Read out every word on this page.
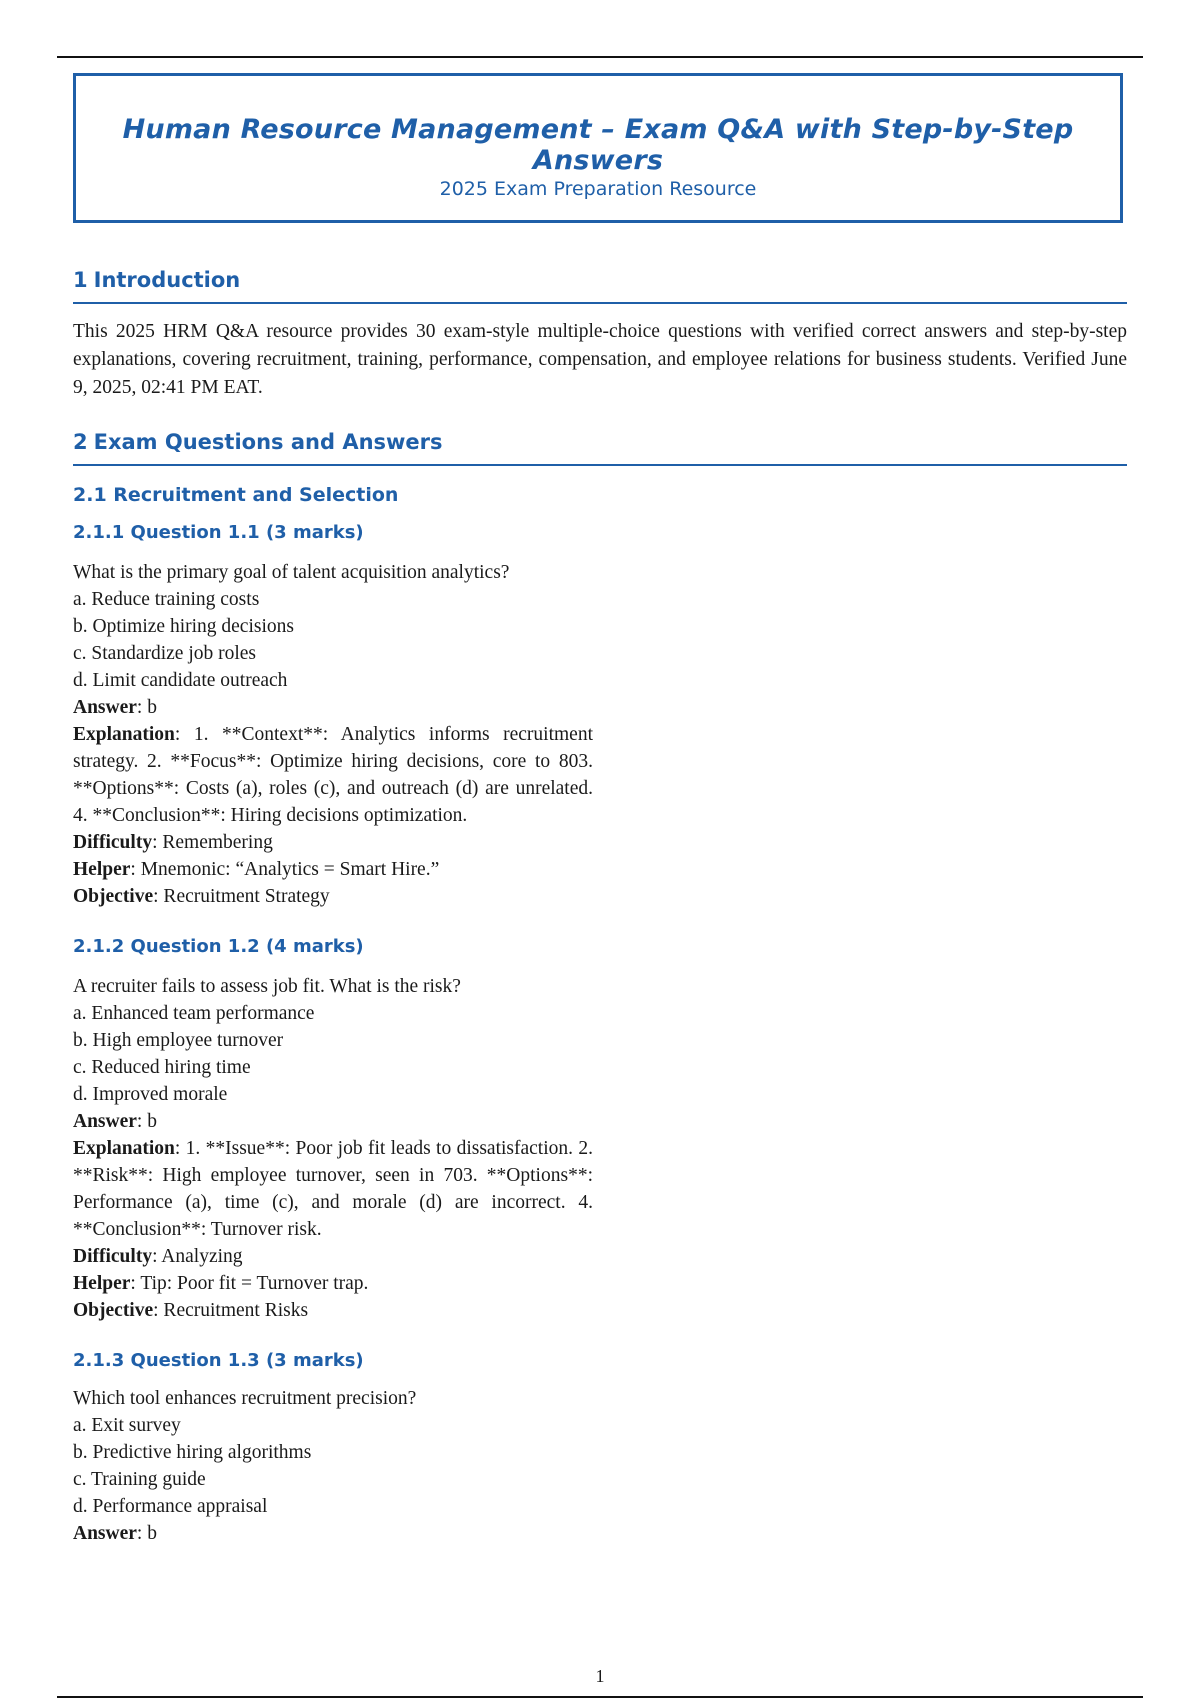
Human Resource Management – Exam Q&A with Step-by-Step Answers
2025 Exam Preparation Resource
1 Introduction

This 2025 HRM Q&A resource provides 30 exam-style multiple-choice questions with verified correct answers and step-by-step explanations, covering recruitment, training, performance, compensation, and employee relations for business students. Verified June 9, 2025, 02:41 PM EAT.

2 Exam Questions and Answers
2.1 Recruitment and Selection
2.1.1 Question 1.1 (3 marks)

What is the primary goal of talent acquisition analytics?

a. Reduce training costs

b. Optimize hiring decisions

c. Standardize job roles

d. Limit candidate outreach

Answer: b

Explanation: 1. **Context**: Analytics informs recruitment strategy. 2. **Focus**: Optimize hiring decisions, core to 803. **Options**: Costs (a), roles (c), and outreach (d) are unrelated. 4. **Conclusion**: Hiring decisions optimization.

Difficulty: Remembering

Helper: Mnemonic: “Analytics = Smart Hire.”

Objective: Recruitment Strategy

2.1.2 Question 1.2 (4 marks)

A recruiter fails to assess job fit. What is the risk?

a. Enhanced team performance

b. High employee turnover

c. Reduced hiring time

d. Improved morale

Answer: b

Explanation: 1. **Issue**: Poor job fit leads to dissatisfaction. 2. **Risk**: High employee turnover, seen in 703. **Options**: Performance (a), time (c), and morale (d) are incorrect. 4. **Conclusion**: Turnover risk.

Difficulty: Analyzing

Helper: Tip: Poor fit = Turnover trap.

Objective: Recruitment Risks

2.1.3 Question 1.3 (3 marks)

Which tool enhances recruitment precision?

a. Exit survey

b. Predictive hiring algorithms

c. Training guide

d. Performance appraisal

Answer: b

1
